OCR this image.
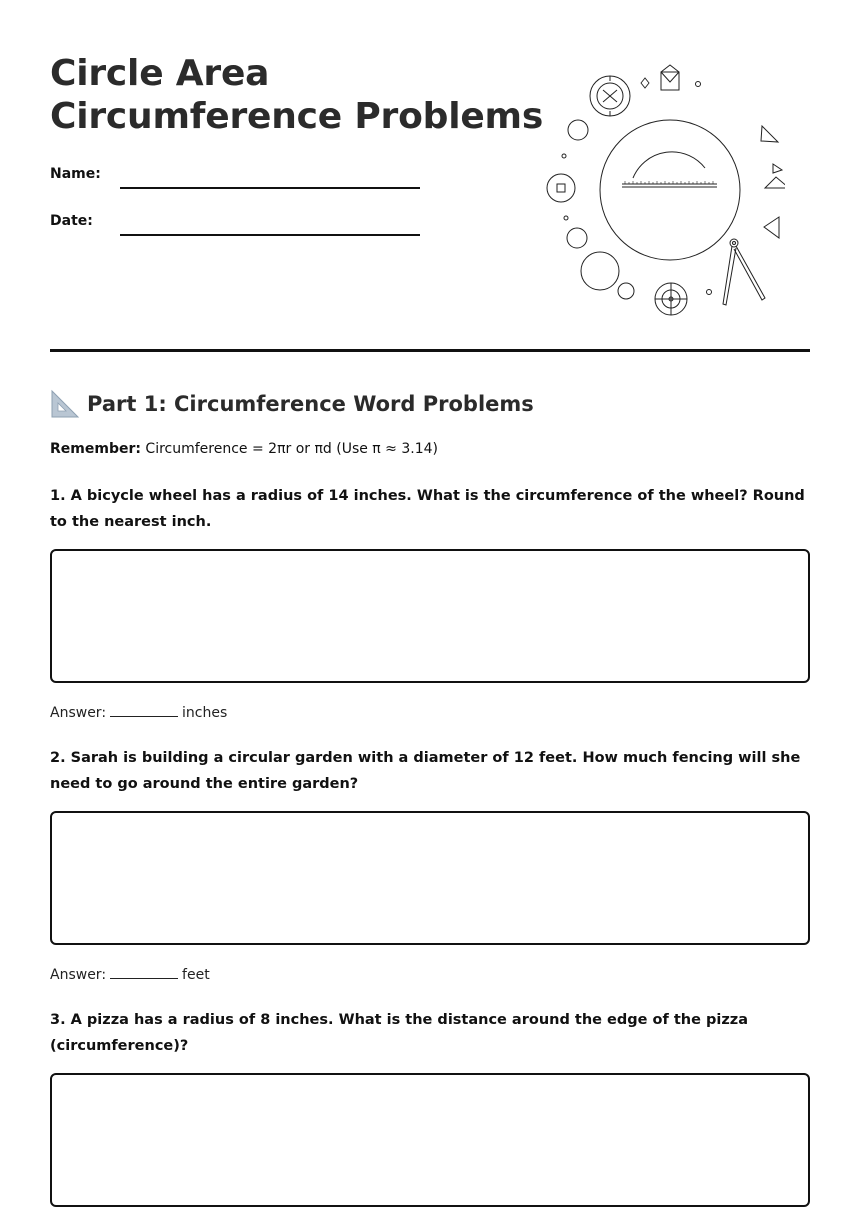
Circle Area
Circumference Problems
Name:
Date:
Part 1: Circumference Word Problems
Remember: Circumference = 2πr or πd (Use π ≈ 3.14)

1. A bicycle wheel has a radius of 14 inches. What is the circumference of the wheel? Round to the nearest inch.

Answer:	inches

2. Sarah is building a circular garden with a diameter of 12 feet. How much fencing will she need to go around the entire garden?

Answer:	feet

3. A pizza has a radius of 8 inches. What is the distance around the edge of the pizza (circumference)?
